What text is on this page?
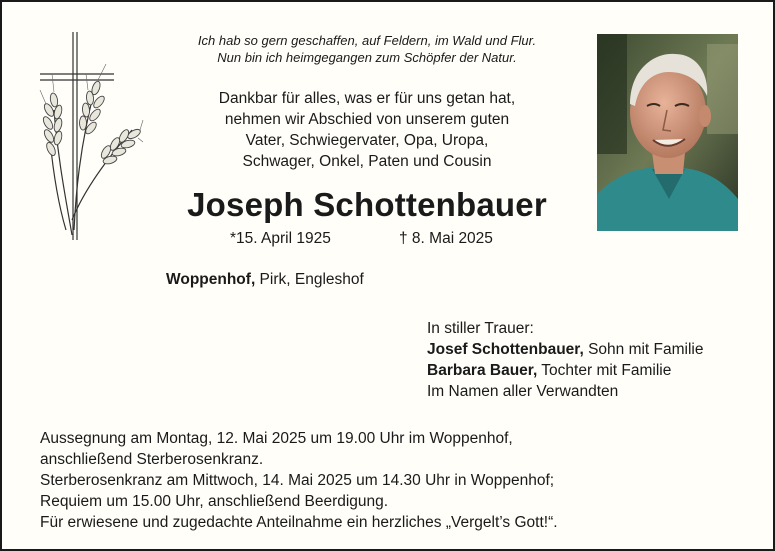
Ich hab so gern geschaffen, auf Feldern, im Wald und Flur.
Nun bin ich heimgegangen zum Schöpfer der Natur.
Dankbar für alles, was er für uns getan hat,
nehmen wir Abschied von unserem guten
Vater, Schwiegervater, Opa, Uropa,
Schwager, Onkel, Paten und Cousin
Joseph Schottenbauer
*15. April 1925	† 8. Mai 2025
Woppenhof, Pirk, Engleshof
In stiller Trauer:
Josef Schottenbauer, Sohn mit Familie
Barbara Bauer, Tochter mit Familie
Im Namen aller Verwandten
Aussegnung am Montag, 12. Mai 2025 um 19.00 Uhr im Woppenhof,
anschließend Sterberosenkranz.
Sterberosenkranz am Mittwoch, 14. Mai 2025 um 14.30 Uhr in Woppenhof;
Requiem um 15.00 Uhr, anschließend Beerdigung.
Für erwiesene und zugedachte Anteilnahme ein herzliches „Vergelt’s Gott!“.
